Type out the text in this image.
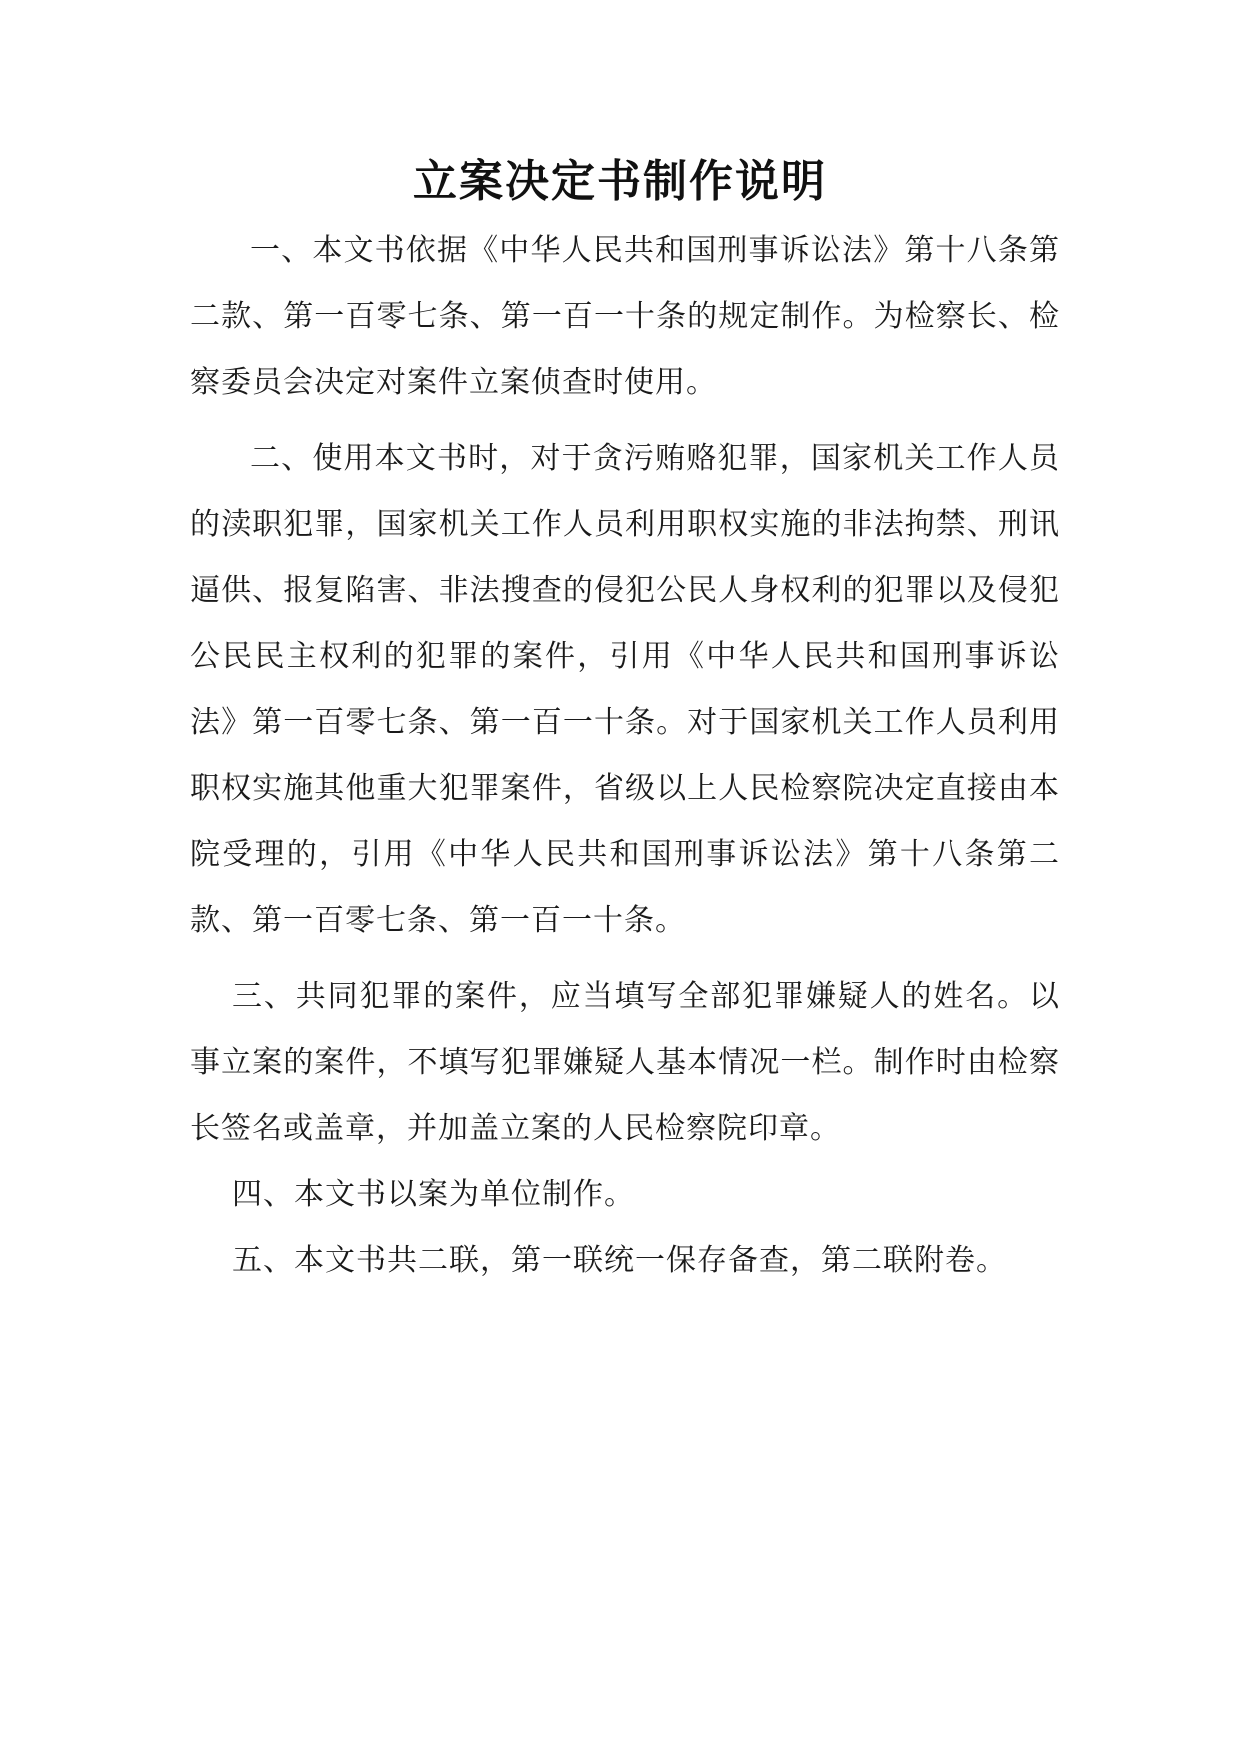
立案决定书制作说明

一、本文书依据《中华人民共和国刑事诉讼法》第十八条第二款、第一百零七条、第一百一十条的规定制作。为检察长、检察委员会决定对案件立案侦查时使用。

二、使用本文书时，对于贪污贿赂犯罪，国家机关工作人员的渎职犯罪，国家机关工作人员利用职权实施的非法拘禁、刑讯逼供、报复陷害、非法搜查的侵犯公民人身权利的犯罪以及侵犯公民民主权利的犯罪的案件，引用《中华人民共和国刑事诉讼法》第一百零七条、第一百一十条。对于国家机关工作人员利用职权实施其他重大犯罪案件，省级以上人民检察院决定直接由本院受理的，引用《中华人民共和国刑事诉讼法》第十八条第二款、第一百零七条、第一百一十条。

三、共同犯罪的案件，应当填写全部犯罪嫌疑人的姓名。以事立案的案件，不填写犯罪嫌疑人基本情况一栏。制作时由检察长签名或盖章，并加盖立案的人民检察院印章。

四、本文书以案为单位制作。

五、本文书共二联，第一联统一保存备查，第二联附卷。
